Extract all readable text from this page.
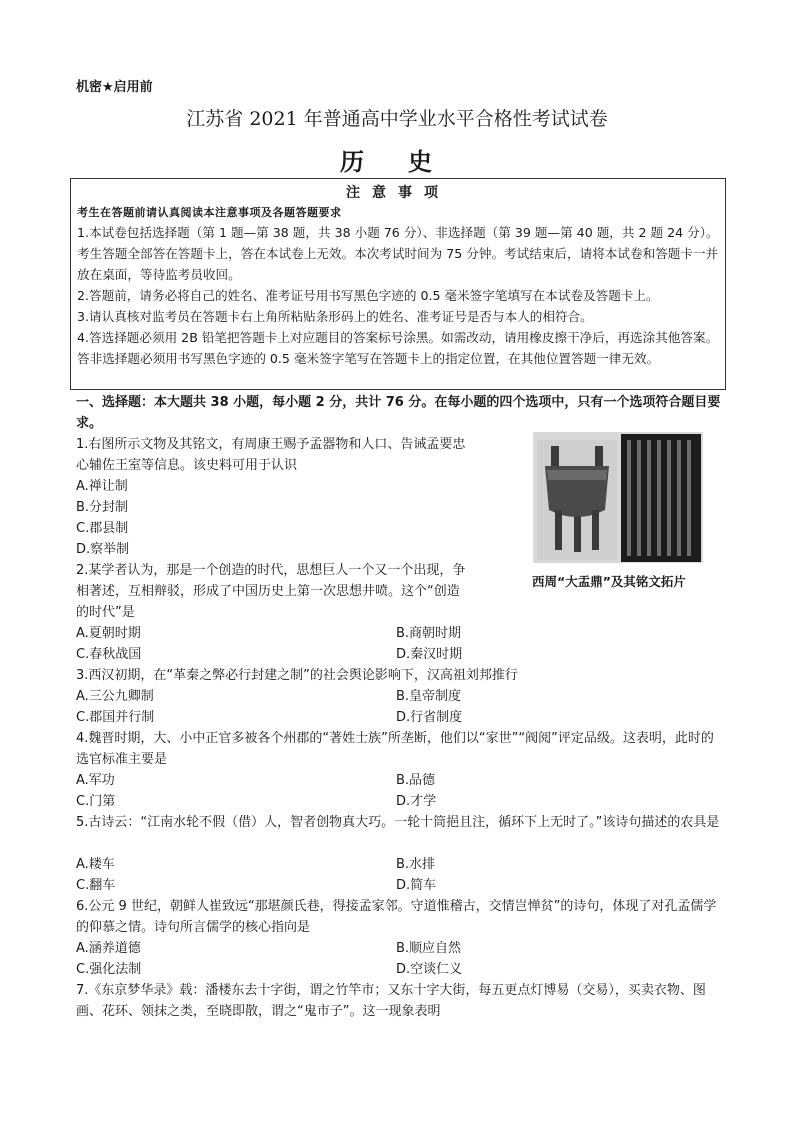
机密★启用前
江苏省 2021 年普通高中学业水平合格性考试试卷
历史
注意事项
考生在答题前请认真阅读本注意事项及各题答题要求

1.本试卷包括选择题（第 1 题—第 38 题，共 38 小题 76 分）、非选择题（第 39 题—第 40 题，共 2 题 24 分）。考生答题全部答在答题卡上，答在本试卷上无效。本次考试时间为 75 分钟。考试结束后，请将本试卷和答题卡一并放在桌面，等待监考员收回。

2.答题前，请务必将自己的姓名、准考证号用书写黑色字迹的 0.5 毫米签字笔填写在本试卷及答题卡上。

3.请认真核对监考员在答题卡右上角所粘贴条形码上的姓名、准考证号是否与本人的相符合。

4.答选择题必须用 2B 铅笔把答题卡上对应题目的答案标号涂黑。如需改动，请用橡皮擦干净后，再选涂其他答案。答非选择题必须用书写黑色字迹的 0.5 毫米签字笔写在答题卡上的指定位置，在其他位置答题一律无效。

一、选择题：本大题共 38 小题，每小题 2 分，共计 76 分。在每小题的四个选项中，只有一个选项符合题目要求。
1.右图所示文物及其铭文，有周康王赐予孟器物和人口、告诫孟要忠
心辅佐王室等信息。该史料可用于认识
A.禅让制
B.分封制
C.郡县制
D.察举制
西周“大盂鼎”及其铭文拓片
2.某学者认为，那是一个创造的时代，思想巨人一个又一个出现，争
相著述，互相辩驳，形成了中国历史上第一次思想井喷。这个“创造
的时代”是
A.夏朝时期	B.商朝时期
C.春秋战国	D.秦汉时期
3.西汉初期，在“革秦之弊必行封建之制”的社会舆论影响下，汉高祖刘邦推行
A.三公九卿制	B.皇帝制度
C.郡国并行制	D.行省制度
4.魏晋时期，大、小中正官多被各个州郡的“著姓士族”所垄断，他们以“家世”“阀阅”评定品级。这表明，此时的选官标准主要是
A.军功	B.品德
C.门第	D.才学
5.古诗云：“江南水轮不假（借）人，智者创物真大巧。一轮十筒挹且注，循环下上无时了。”该诗句描述的农具是
A.耧车	B.水排
C.翻车	D.简车
6.公元 9 世纪，朝鲜人崔致远“那堪颜氏巷，得接孟家邻。守道惟稽古，交情岂惮贫”的诗句，体现了对孔孟儒学的仰慕之情。诗句所言儒学的核心指向是
A.涵养道德	B.顺应自然
C.强化法制	D.空谈仁义
7.《东京梦华录》载：潘楼东去十字街，谓之竹竿市；又东十字大街，每五更点灯博易（交易），买卖衣物、图画、花环、领抹之类，至晓即散，谓之“鬼市子”。这一现象表明
